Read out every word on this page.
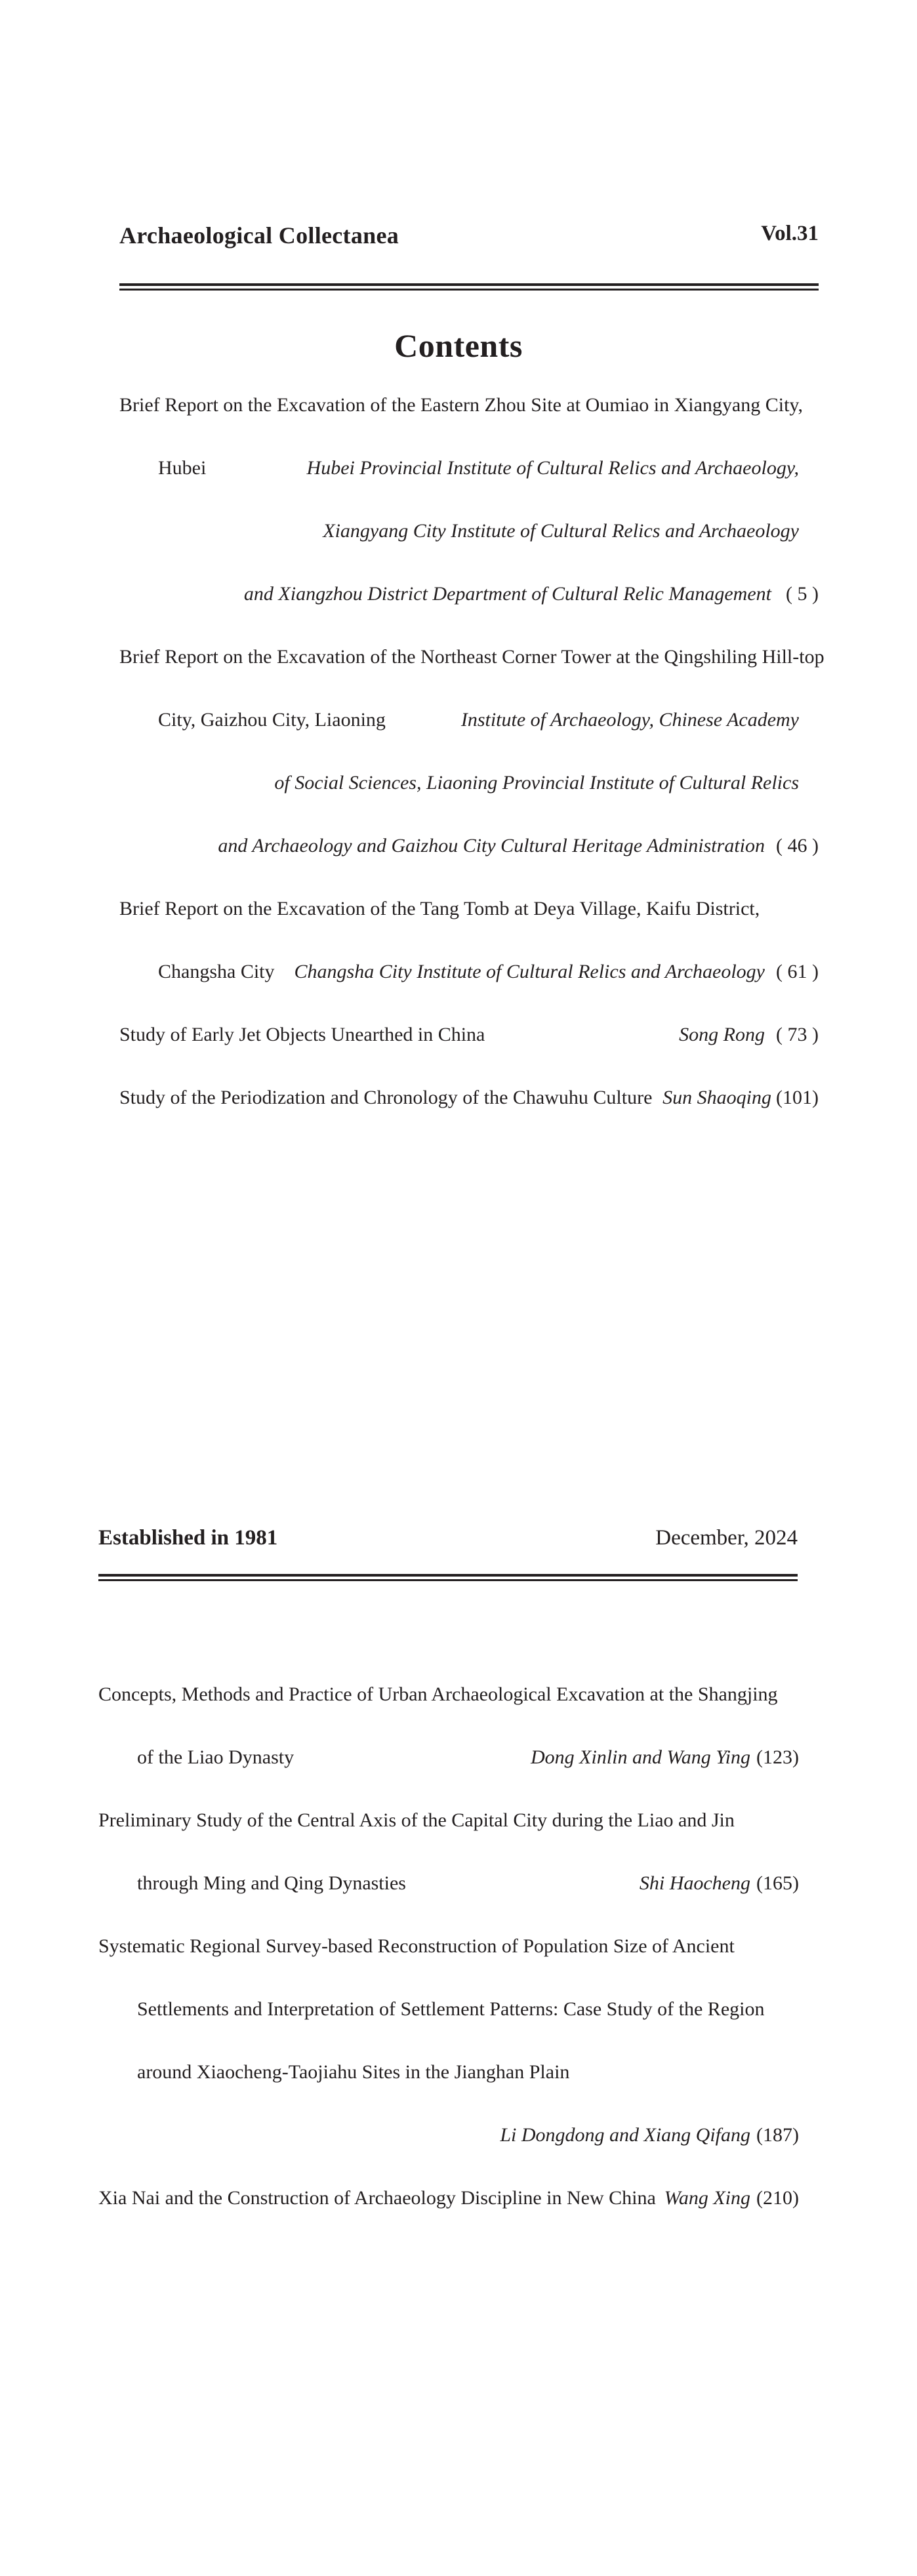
Archaeological Collectanea	Vol.31
Contents
Brief Report on the Excavation of the Eastern Zhou Site at Oumiao in Xiangyang City,
Hubei	Hubei Provincial Institute of Cultural Relics and Archaeology,
Xiangyang City Institute of Cultural Relics and Archaeology
and Xiangzhou District Department of Cultural Relic Management ( 5 )
Brief Report on the Excavation of the Northeast Corner Tower at the Qingshiling Hill-top
City, Gaizhou City, Liaoning	Institute of Archaeology, Chinese Academy
of Social Sciences, Liaoning Provincial Institute of Cultural Relics
and Archaeology and Gaizhou City Cultural Heritage Administration ( 46 )
Brief Report on the Excavation of the Tang Tomb at Deya Village, Kaifu District,
Changsha City Changsha City Institute of Cultural Relics and Archaeology ( 61 )
Study of Early Jet Objects Unearthed in China	Song Rong ( 73 )
Study of the Periodization and Chronology of the Chawuhu Culture Sun Shaoqing (101)
Established in 1981	December, 2024
Concepts, Methods and Practice of Urban Archaeological Excavation at the Shangjing
of the Liao Dynasty	Dong Xinlin and Wang Ying (123)
Preliminary Study of the Central Axis of the Capital City during the Liao and Jin
through Ming and Qing Dynasties	Shi Haocheng (165)
Systematic Regional Survey-based Reconstruction of Population Size of Ancient
Settlements and Interpretation of Settlement Patterns: Case Study of the Region
around Xiaocheng-Taojiahu Sites in the Jianghan Plain
Li Dongdong and Xiang Qifang (187)
Xia Nai and the Construction of Archaeology Discipline in New China Wang Xing (210)
